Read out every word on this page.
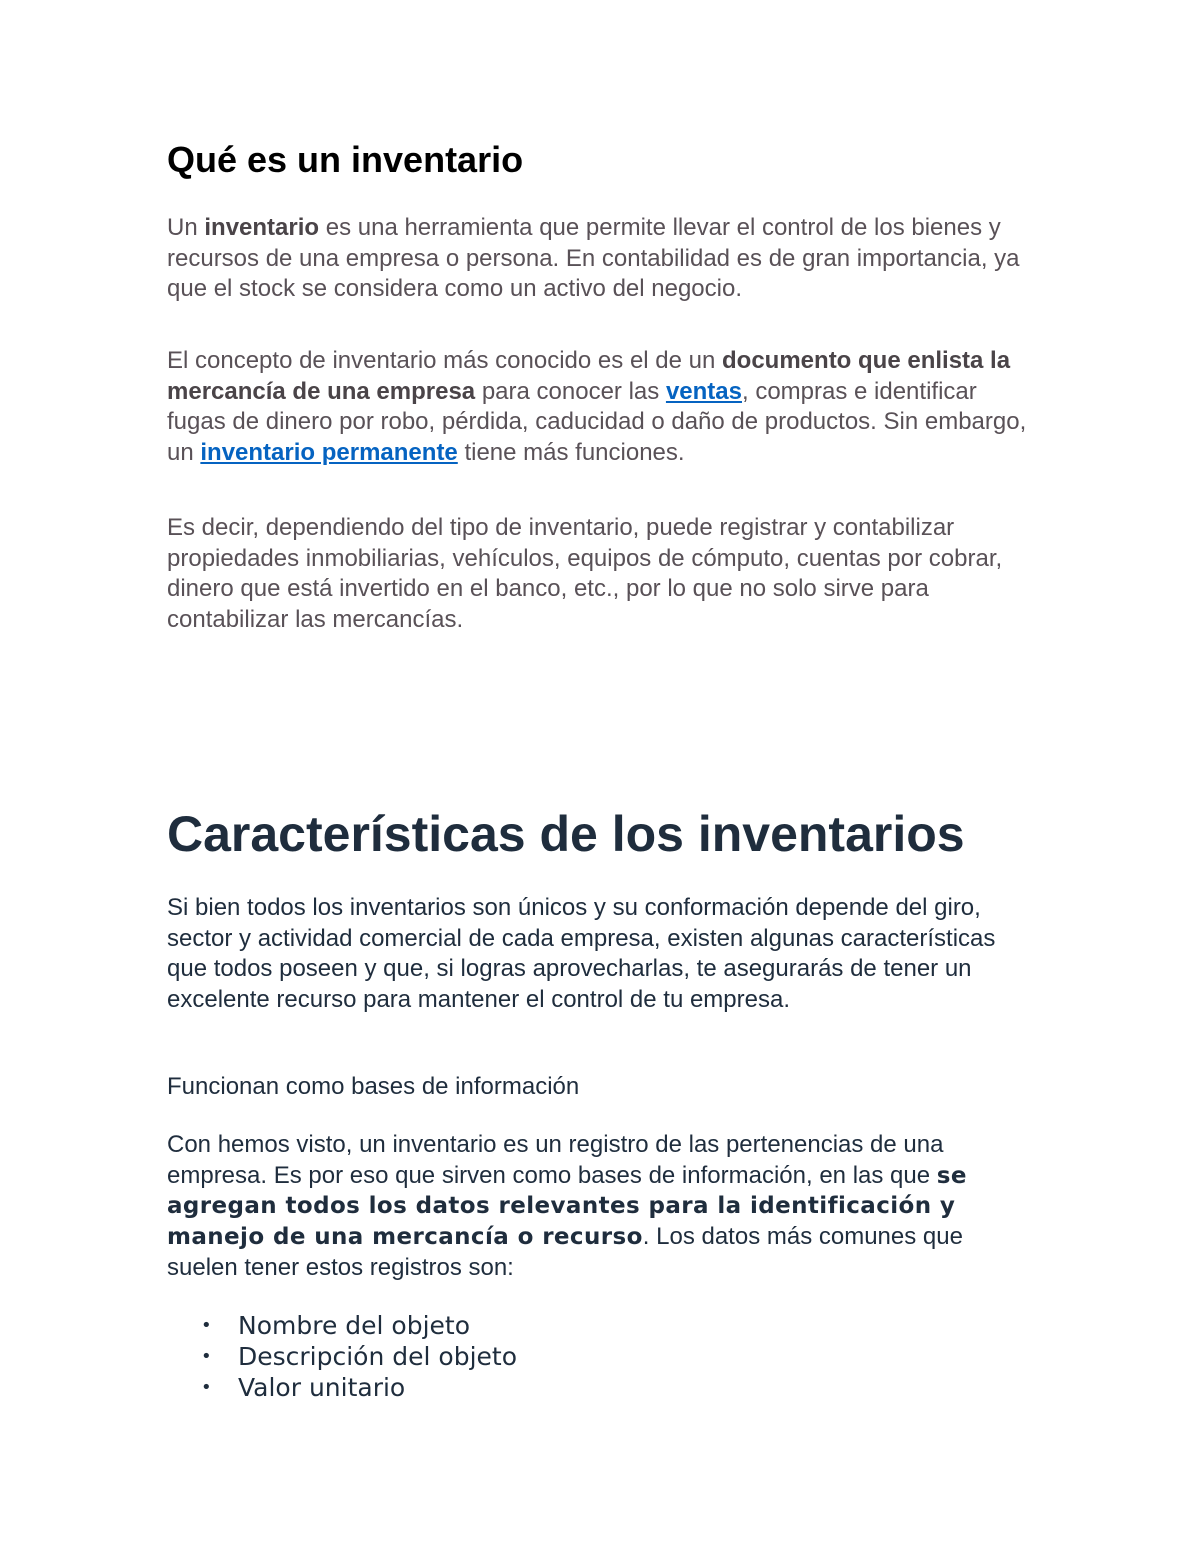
Qué es un inventario

Un inventario es una herramienta que permite llevar el control de los bienes y recursos de una empresa o persona. En contabilidad es de gran importancia, ya que el stock se considera como un activo del negocio.

El concepto de inventario más conocido es el de un documento que enlista la mercancía de una empresa para conocer las ventas, compras e identificar fugas de dinero por robo, pérdida, caducidad o daño de productos. Sin embargo, un inventario permanente tiene más funciones.

Es decir, dependiendo del tipo de inventario, puede registrar y contabilizar propiedades inmobiliarias, vehículos, equipos de cómputo, cuentas por cobrar, dinero que está invertido en el banco, etc., por lo que no solo sirve para contabilizar las mercancías.

Características de los inventarios

Si bien todos los inventarios son únicos y su conformación depende del giro, sector y actividad comercial de cada empresa, existen algunas características que todos poseen y que, si logras aprovecharlas, te asegurarás de tener un excelente recurso para mantener el control de tu empresa.

Funcionan como bases de información

Con hemos visto, un inventario es un registro de las pertenencias de una empresa. Es por eso que sirven como bases de información, en las que se agregan todos los datos relevantes para la identificación y manejo de una mercancía o recurso. Los datos más comunes que suelen tener estos registros son:

• Nombre del objeto
• Descripción del objeto
• Valor unitario
